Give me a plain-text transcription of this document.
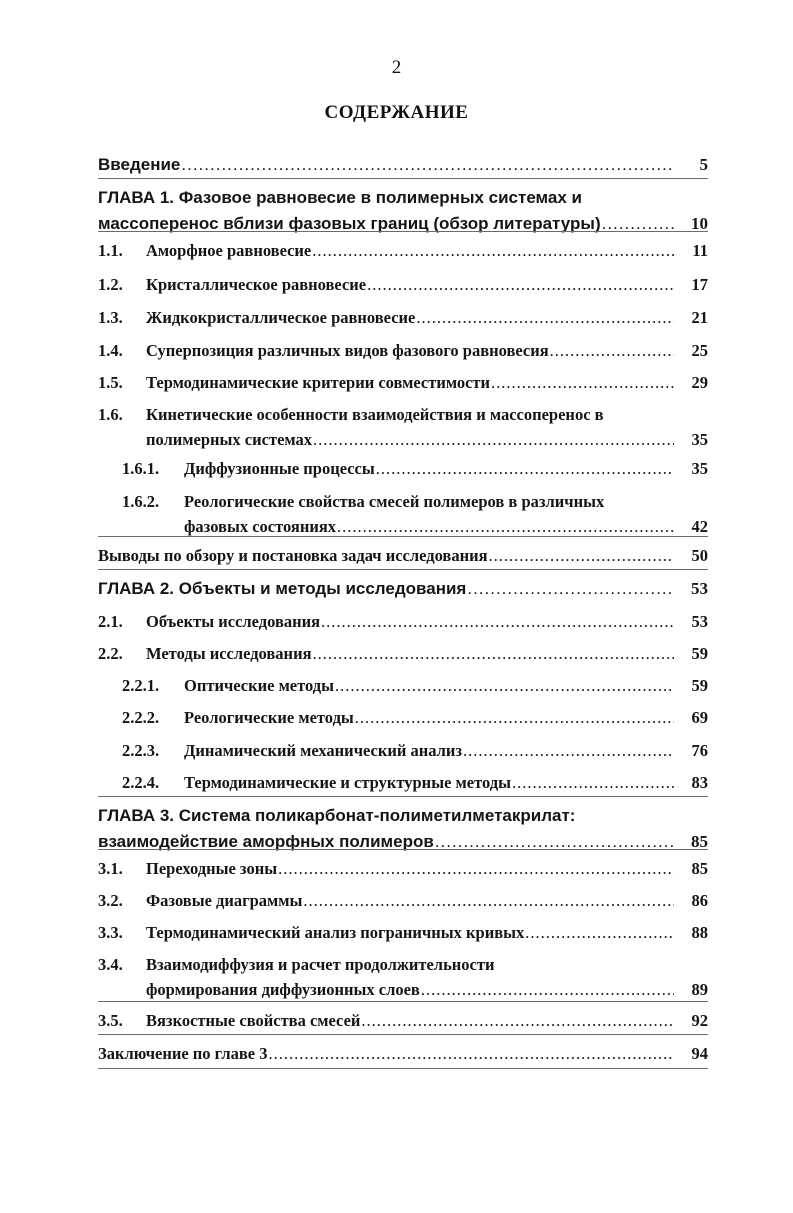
2
СОДЕРЖАНИЕ
Введение .....	5
ГЛАВА 1. Фазовое равновесие в полимерных системах и
массоперенос вблизи фазовых границ (обзор литературы) .....	10
1.1.	Аморфное равновесие .....	11
1.2.	Кристаллическое равновесие .....	17
1.3.	Жидкокристаллическое равновесие .....	21
1.4.	Суперпозиция различных видов фазового равновесия .....	25
1.5.	Термодинамические критерии совместимости .....	29
1.6.	Кинетические особенности взаимодействия и массоперенос в
полимерных системах .....	35
1.6.1.	Диффузионные процессы .....	35
1.6.2.	Реологические свойства смесей полимеров в различных
фазовых состояниях .....	42
Выводы по обзору и постановка задач исследования .....	50
ГЛАВА 2. Объекты и методы исследования .....	53
2.1.	Объекты исследования .....	53
2.2.	Методы исследования .....	59
2.2.1.	Оптические методы .....	59
2.2.2.	Реологические методы .....	69
2.2.3.	Динамический механический анализ .....	76
2.2.4.	Термодинамические и структурные методы .....	83
ГЛАВА 3. Система поликарбонат-полиметилметакрилат:
взаимодействие аморфных полимеров .....	85
3.1.	Переходные зоны .....	85
3.2.	Фазовые диаграммы .....	86
3.3.	Термодинамический анализ пограничных кривых .....	88
3.4.	Взаимодиффузия и расчет продолжительности
формирования диффузионных слоев .....	89
3.5.	Вязкостные свойства смесей .....	92
Заключение по главе 3 .....	94
